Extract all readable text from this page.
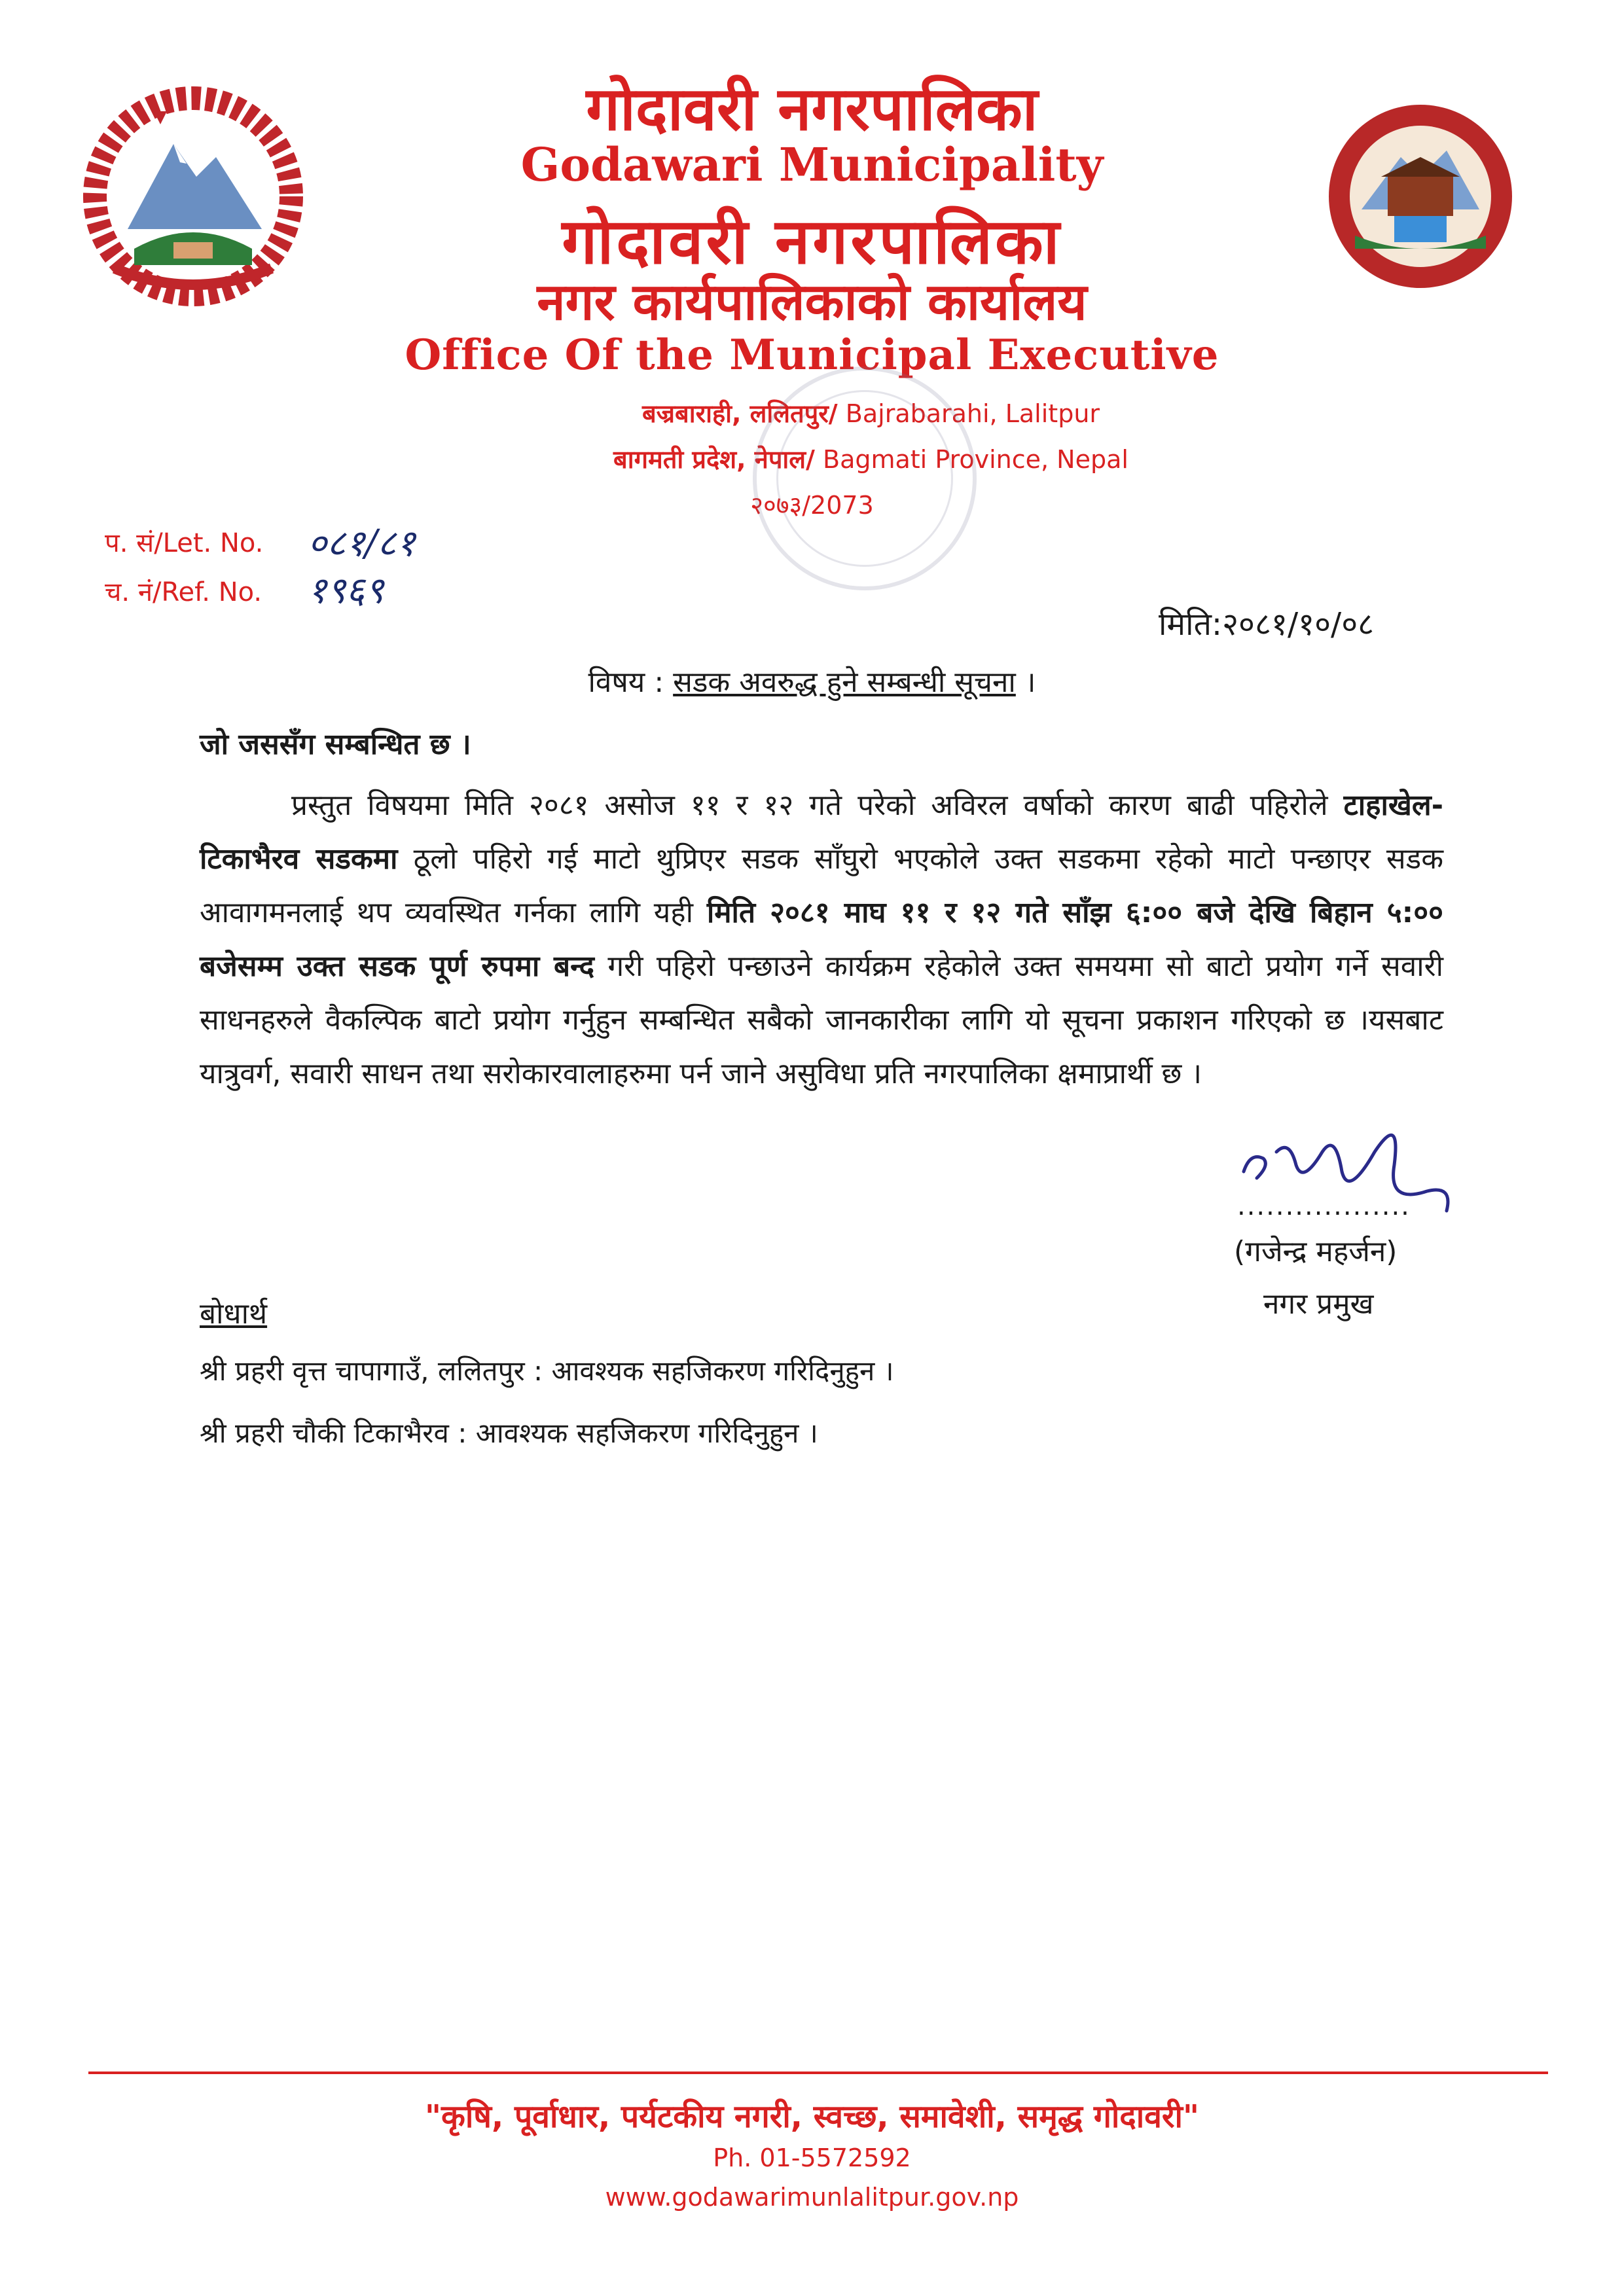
गोदावरी नगरपालिका
Godawari Municipality
गोदावरी नगरपालिका
नगर कार्यपालिकाको कार्यालय
Office Of the Municipal Executive
बज्रबाराही, ललितपुर/ Bajrabarahi, Lalitpur
बागमती प्रदेश, नेपाल/ Bagmati Province, Nepal
२०७३/2073
प. सं/Let. No. ०८१/८१
च. नं/Ref. No. १९६९
मिति:२०८१/१०/०८
विषय : सडक अवरुद्ध हुने सम्बन्धी सूचना ।
जो जससँग सम्बन्धित छ ।
प्रस्तुत विषयमा मिति २०८१ असोज ११ र १२ गते परेको अविरल वर्षाको कारण बाढी पहिरोले टाहाखेल-टिकाभैरव सडकमा ठूलो पहिरो गई माटो थुप्रिएर सडक साँघुरो भएकोले उक्त सडकमा रहेको माटो पन्छाएर सडक आवागमनलाई थप व्यवस्थित गर्नका लागि यही मिति २०८१ माघ ११ र १२ गते साँझ ६:०० बजे देखि बिहान ५:०० बजेसम्म उक्त सडक पूर्ण रुपमा बन्द गरी पहिरो पन्छाउने कार्यक्रम रहेकोले उक्त समयमा सो बाटो प्रयोग गर्ने सवारी साधनहरुले वैकल्पिक बाटो प्रयोग गर्नुहुन सम्बन्धित सबैको जानकारीका लागि यो सूचना प्रकाशन गरिएको छ ।यसबाट यात्रुवर्ग, सवारी साधन तथा सरोकारवालाहरुमा पर्न जाने असुविधा प्रति नगरपालिका क्षमाप्रार्थी छ ।
..................
(गजेन्द्र महर्जन)
नगर प्रमुख
बोधार्थ
श्री प्रहरी वृत्त चापागाउँ, ललितपुर : आवश्यक सहजिकरण गरिदिनुहुन ।
श्री प्रहरी चौकी टिकाभैरव : आवश्यक सहजिकरण गरिदिनुहुन ।
"कृषि, पूर्वाधार, पर्यटकीय नगरी, स्वच्छ, समावेशी, समृद्ध गोदावरी"
Ph. 01-5572592
www.godawarimunlalitpur.gov.np
